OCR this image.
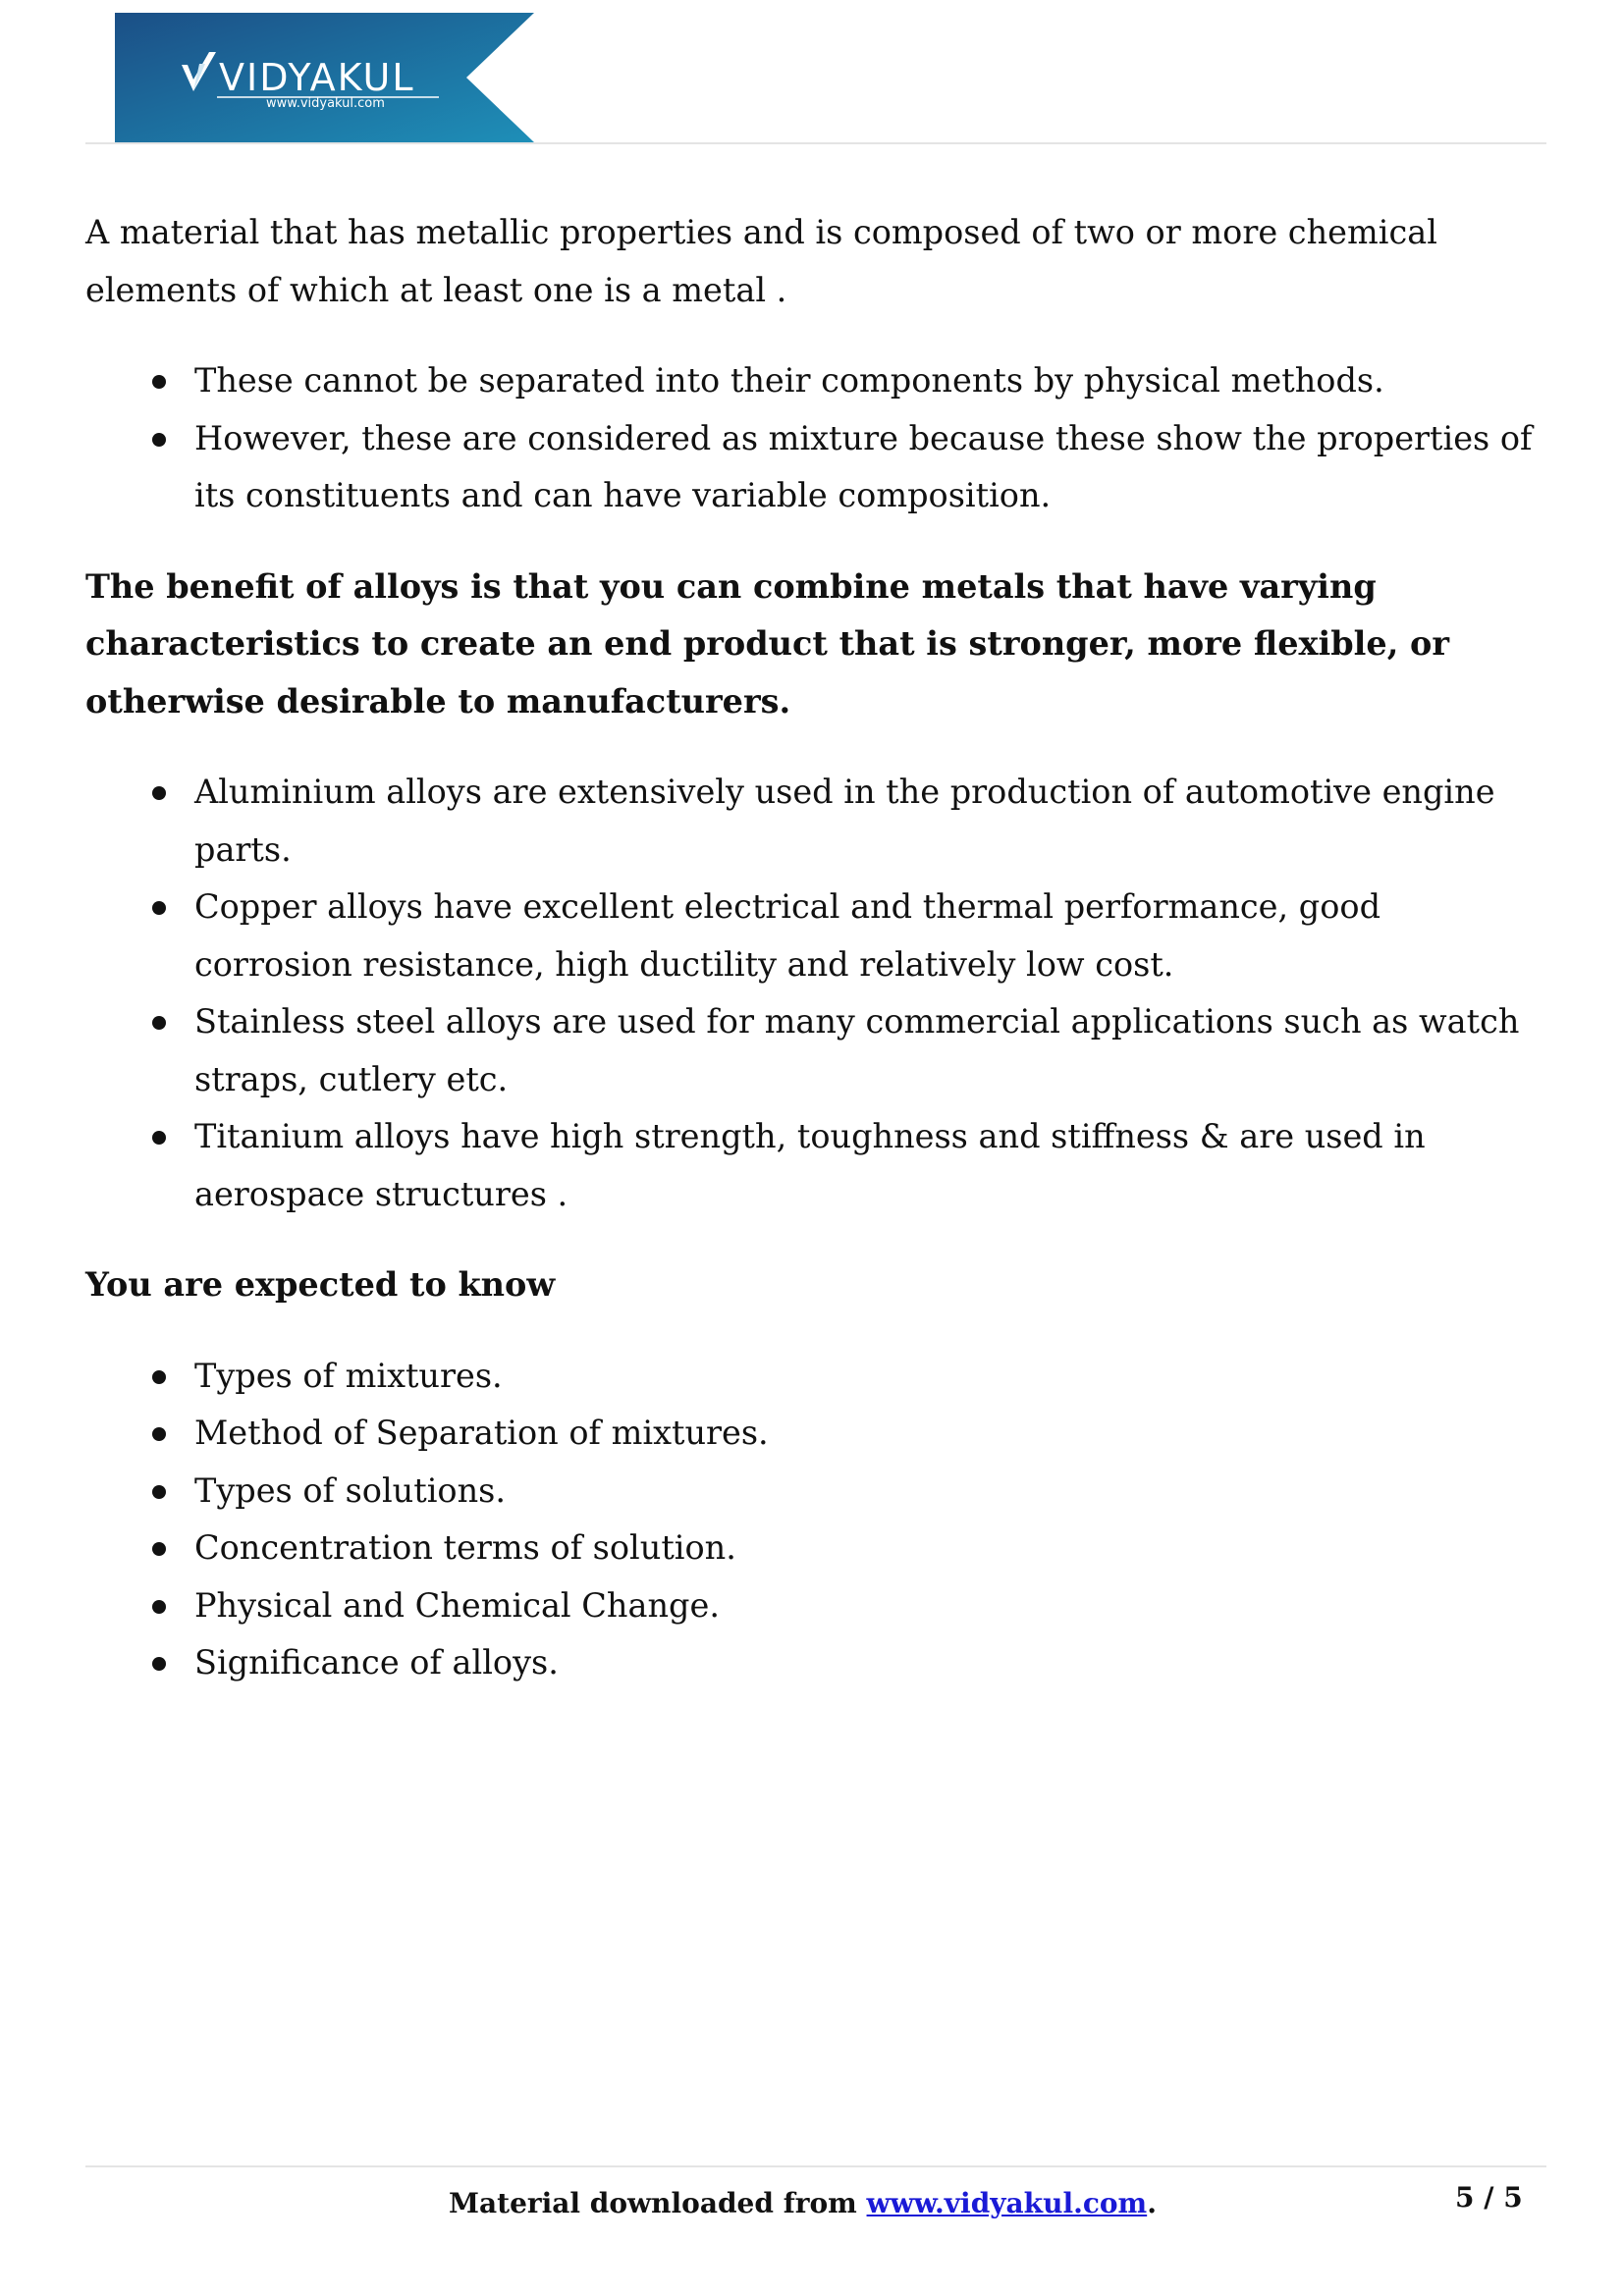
VIDYAKUL
www.vidyakul.com

A material that has metallic properties and is composed of two or more chemical elements of which at least one is a metal .

These cannot be separated into their components by physical methods.
However, these are considered as mixture because these show the properties of its constituents and can have variable composition.

The benefit of alloys is that you can combine metals that have varying characteristics to create an end product that is stronger, more flexible, or otherwise desirable to manufacturers.

Aluminium alloys are extensively used in the production of automotive engine parts.
Copper alloys have excellent electrical and thermal performance, good corrosion resistance, high ductility and relatively low cost.
Stainless steel alloys are used for many commercial applications such as watch straps, cutlery etc.
Titanium alloys have high strength, toughness and stiffness & are used in aerospace structures .

You are expected to know

Types of mixtures.
Method of Separation of mixtures.
Types of solutions.
Concentration terms of solution.
Physical and Chemical Change.
Significance of alloys.
Material downloaded from www.vidyakul.com.	5 / 5
